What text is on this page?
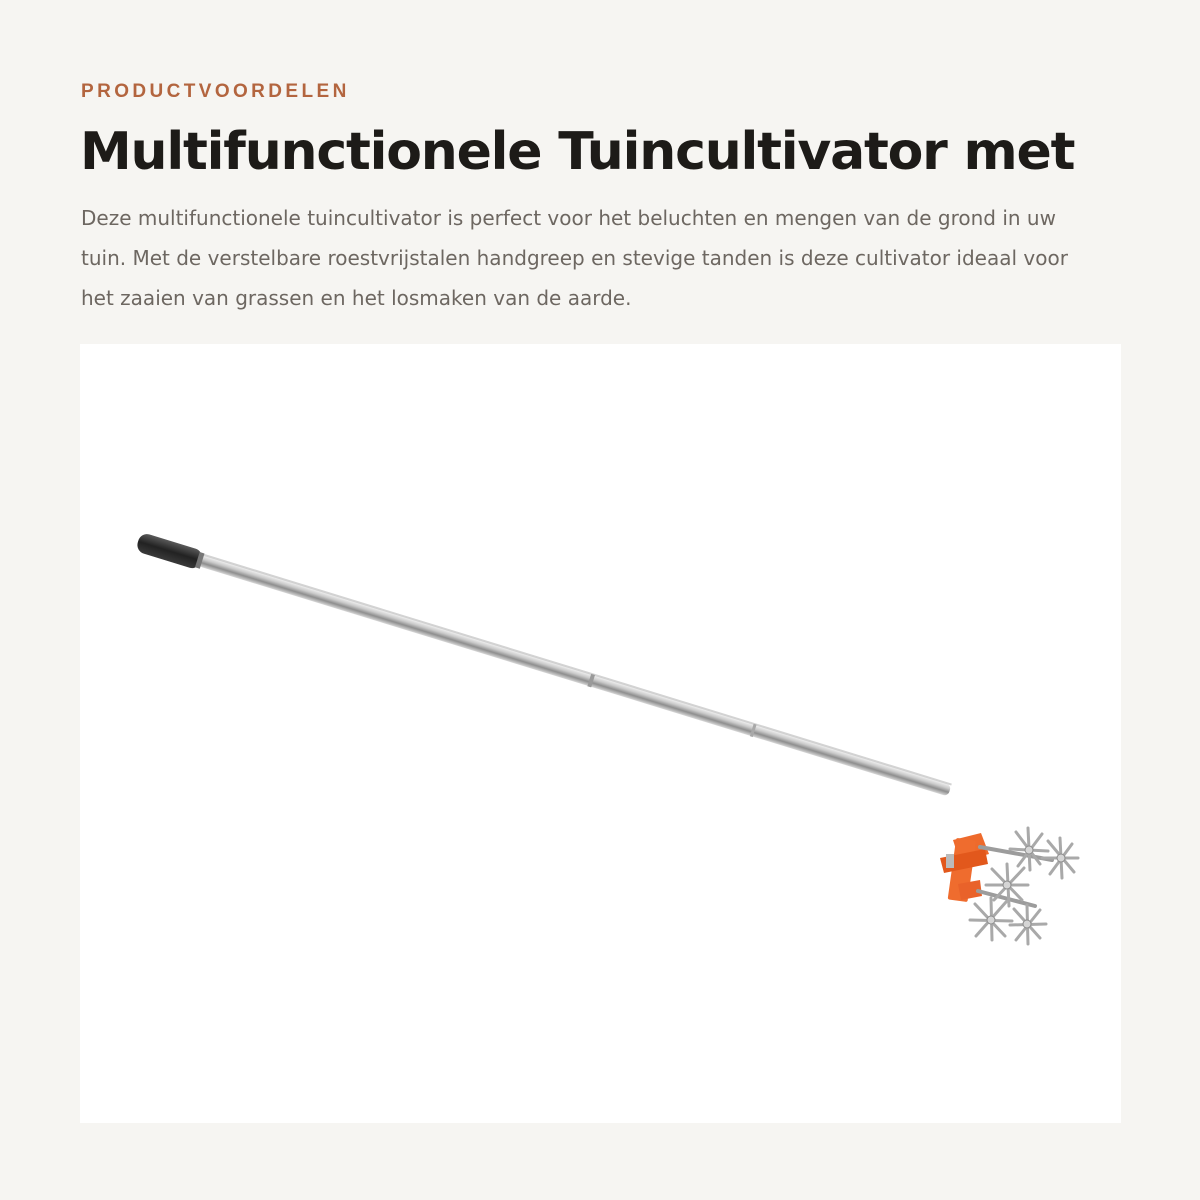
PRODUCTVOORDELEN

Multifunctionele Tuincultivator met

Deze multifunctionele tuincultivator is perfect voor het beluchten en mengen van de grond in uw tuin. Met de verstelbare roestvrijstalen handgreep en stevige tanden is deze cultivator ideaal voor het zaaien van grassen en het losmaken van de aarde.
